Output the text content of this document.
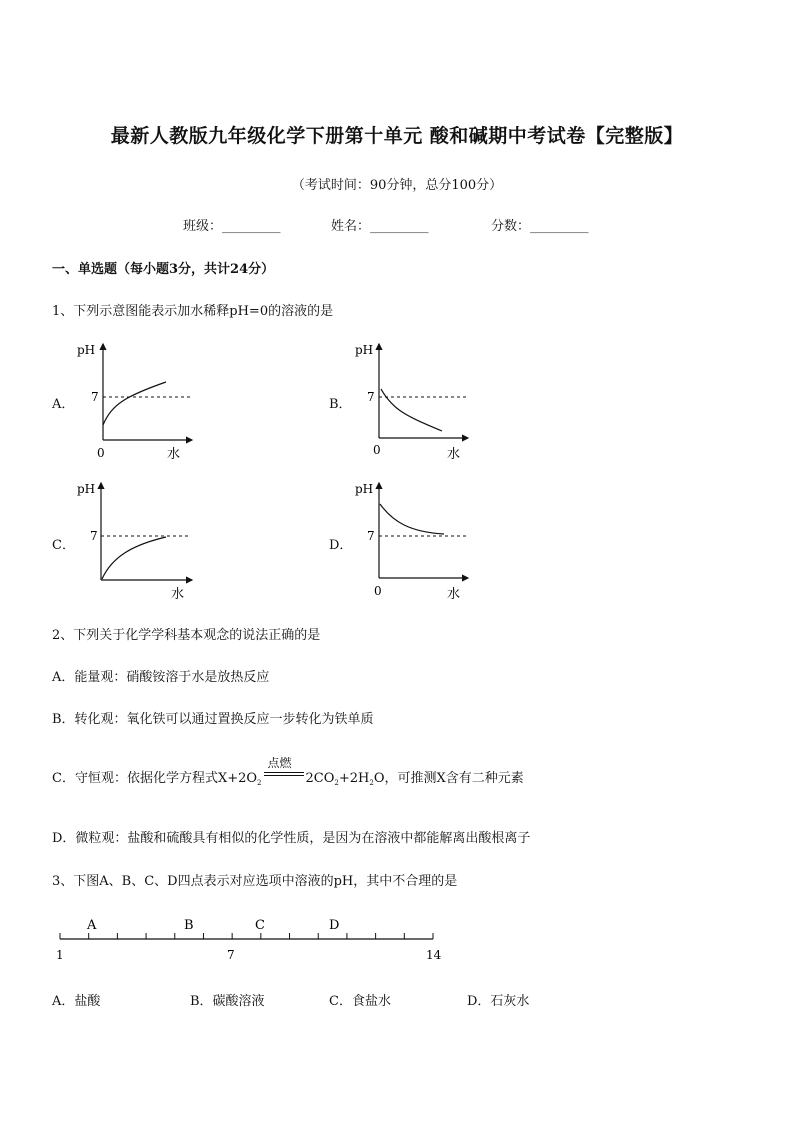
最新人教版九年级化学下册第十单元 酸和碱期中考试卷【完整版】
（考试时间：90分钟，总分100分）
班级：_________	姓名：_________	分数：_________
一、单选题（每小题3分，共计24分）
1、下列示意图能表示加水稀释pH=0的溶液的是
A．
pH
7
0	水
B．
pH
7
0	水
C．
pH
7
水
D．
pH
7
0	水
2、下列关于化学学科基本观念的说法正确的是
A．能量观：硝酸铵溶于水是放热反应
B．转化观：氧化铁可以通过置换反应一步转化为铁单质
C．守恒观：依据化学方程式$X+2O_2$
点燃
$2CO_2+2H_2O$，可推测X含有二种元素
D．微粒观：盐酸和硫酸具有相似的化学性质，是因为在溶液中都能解离出酸根离子
3、下图A、B、C、D四点表示对应选项中溶液的pH，其中不合理的是
A	B	C	D
1	7	14
A．盐酸	B．碳酸溶液	C．食盐水	D．石灰水
